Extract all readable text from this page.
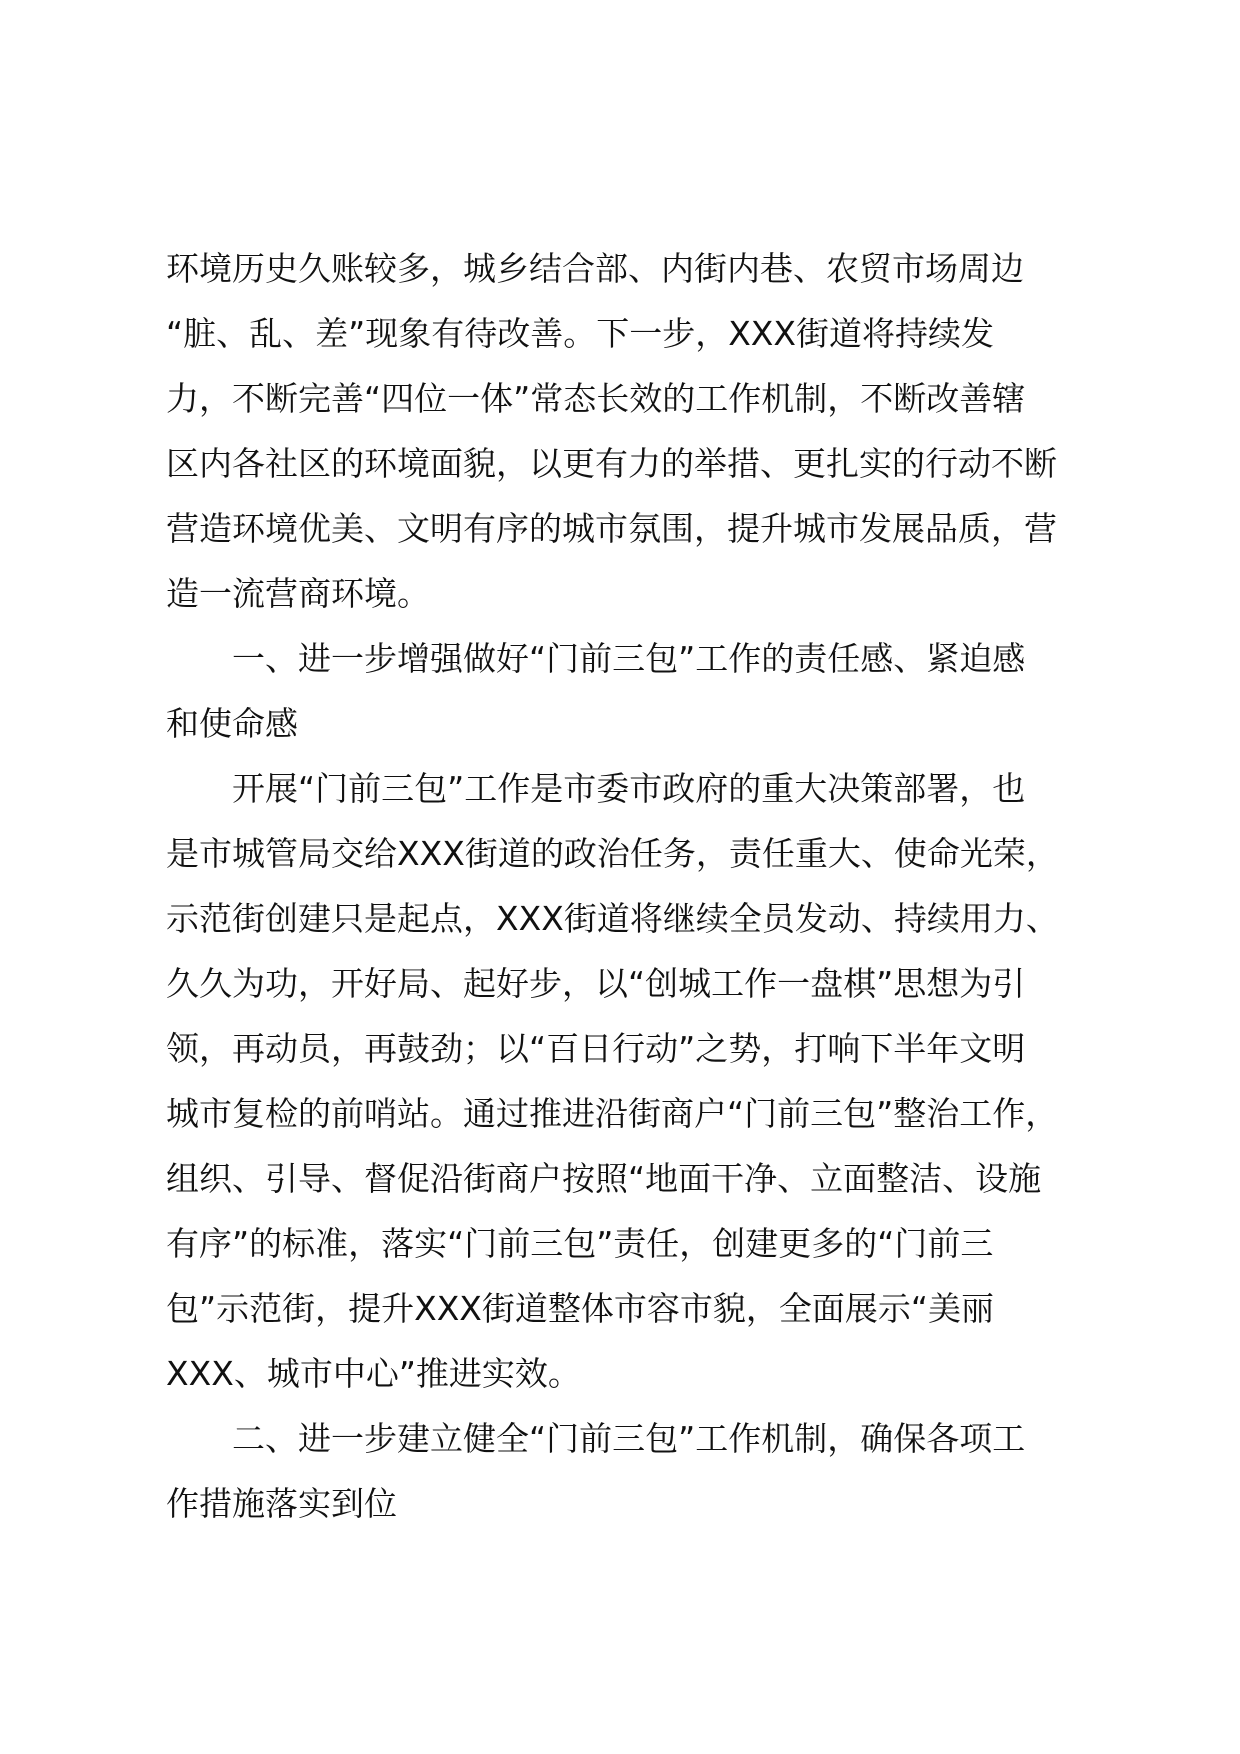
环境历史久账较多，城乡结合部、内街内巷、农贸市场周边
“脏、乱、差”现象有待改善。下一步，XXX街道将持续发
力，不断完善“四位一体”常态长效的工作机制，不断改善辖
区内各社区的环境面貌，以更有力的举措、更扎实的行动不断
营造环境优美、文明有序的城市氛围，提升城市发展品质，营
造一流营商环境。
一、进一步增强做好“门前三包”工作的责任感、紧迫感
和使命感
开展“门前三包”工作是市委市政府的重大决策部署，也
是市城管局交给XXX街道的政治任务，责任重大、使命光荣，
示范街创建只是起点，XXX街道将继续全员发动、持续用力、
久久为功，开好局、起好步，以“创城工作一盘棋”思想为引
领，再动员，再鼓劲；以“百日行动”之势，打响下半年文明
城市复检的前哨站。通过推进沿街商户“门前三包”整治工作，
组织、引导、督促沿街商户按照“地面干净、立面整洁、设施
有序”的标准，落实“门前三包”责任，创建更多的“门前三
包”示范街，提升XXX街道整体市容市貌，全面展示“美丽
XXX、城市中心”推进实效。
二、进一步建立健全“门前三包”工作机制，确保各项工
作措施落实到位
